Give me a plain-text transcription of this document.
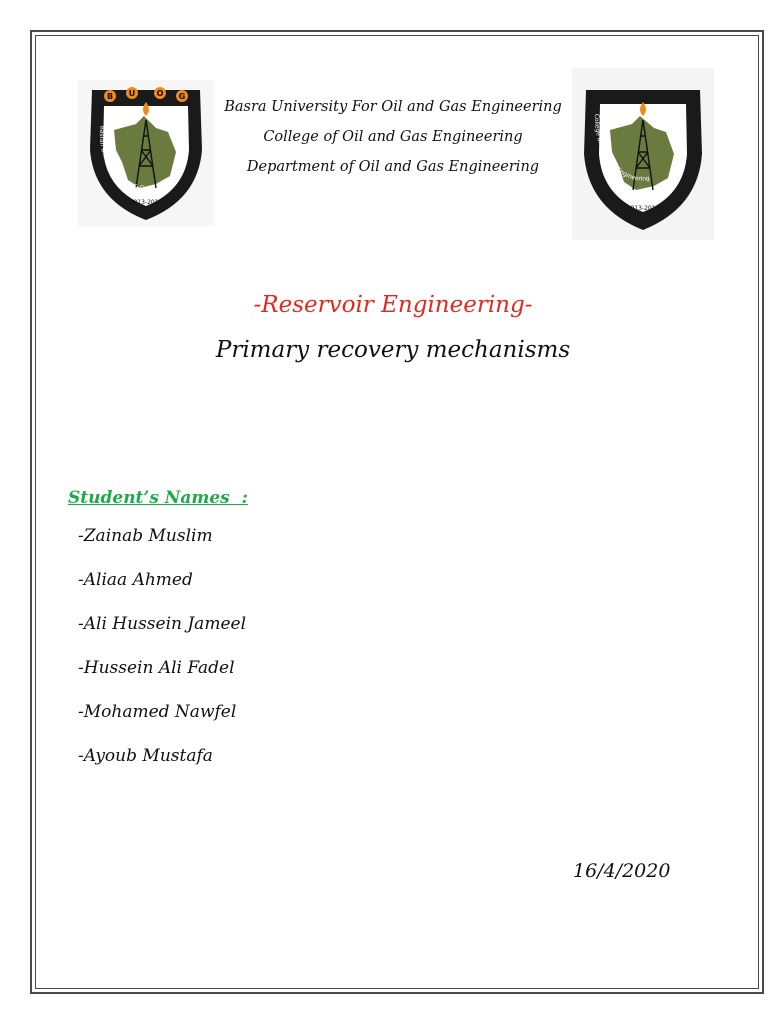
B U	O G
Basrah University for Oil & Gas
2013-2014
Basra University For Oil and Gas Engineering
College of Oil and Gas Engineering
Department of Oil and Gas Engineering
College of Oil & Gas Engineering
2013-2014
-Reservoir Engineering-
Primary recovery mechanisms
Student’s Names  :
-Zainab Muslim
-Aliaa Ahmed
-Ali Hussein Jameel
-Hussein Ali Fadel
-Mohamed Nawfel
-Ayoub Mustafa
16/4/2020
